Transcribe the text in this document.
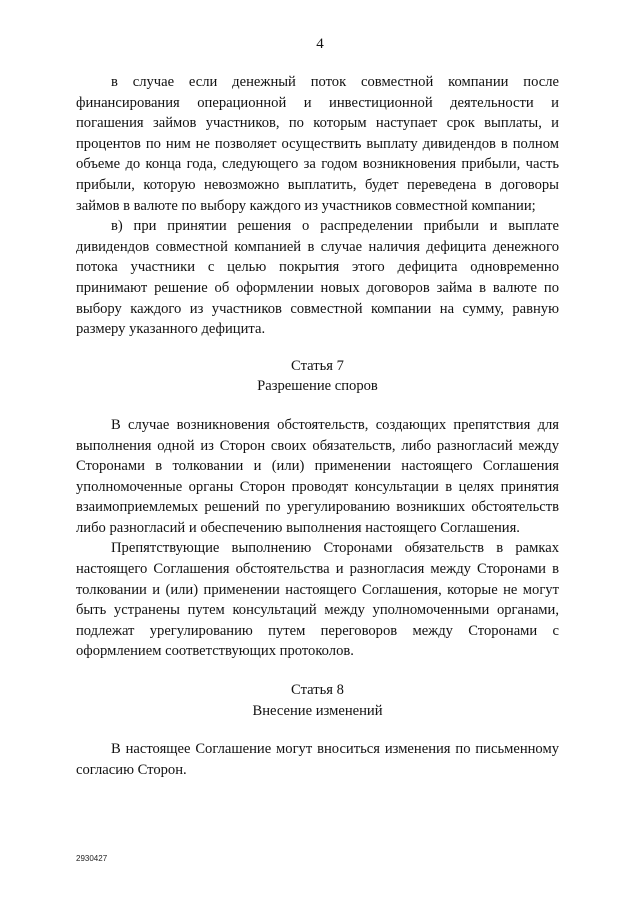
4

в случае если денежный поток совместной компании после финансирования операционной и инвестиционной деятельности и погашения займов участников, по которым наступает срок выплаты, и процентов по ним не позволяет осуществить выплату дивидендов в полном объеме до конца года, следующего за годом возникновения прибыли, часть прибыли, которую невозможно выплатить, будет переведена в договоры займов в валюте по выбору каждого из участников совместной компании;

в) при принятии решения о распределении прибыли и выплате дивидендов совместной компанией в случае наличия дефицита денежного потока участники с целью покрытия этого дефицита одновременно принимают решение об оформлении новых договоров займа в валюте по выбору каждого из участников совместной компании на сумму, равную размеру указанного дефицита.

Статья 7

Разрешение споров

В случае возникновения обстоятельств, создающих препятствия для выполнения одной из Сторон своих обязательств, либо разногласий между Сторонами в толковании и (или) применении настоящего Соглашения уполномоченные органы Сторон проводят консультации в целях принятия взаимоприемлемых решений по урегулированию возникших обстоятельств либо разногласий и обеспечению выполнения настоящего Соглашения.

Препятствующие выполнению Сторонами обязательств в рамках настоящего Соглашения обстоятельства и разногласия между Сторонами в толковании и (или) применении настоящего Соглашения, которые не могут быть устранены путем консультаций между уполномоченными органами, подлежат урегулированию путем переговоров между Сторонами с оформлением соответствующих протоколов.

Статья 8

Внесение изменений

В настоящее Соглашение могут вноситься изменения по письменному согласию Сторон.

2930427
